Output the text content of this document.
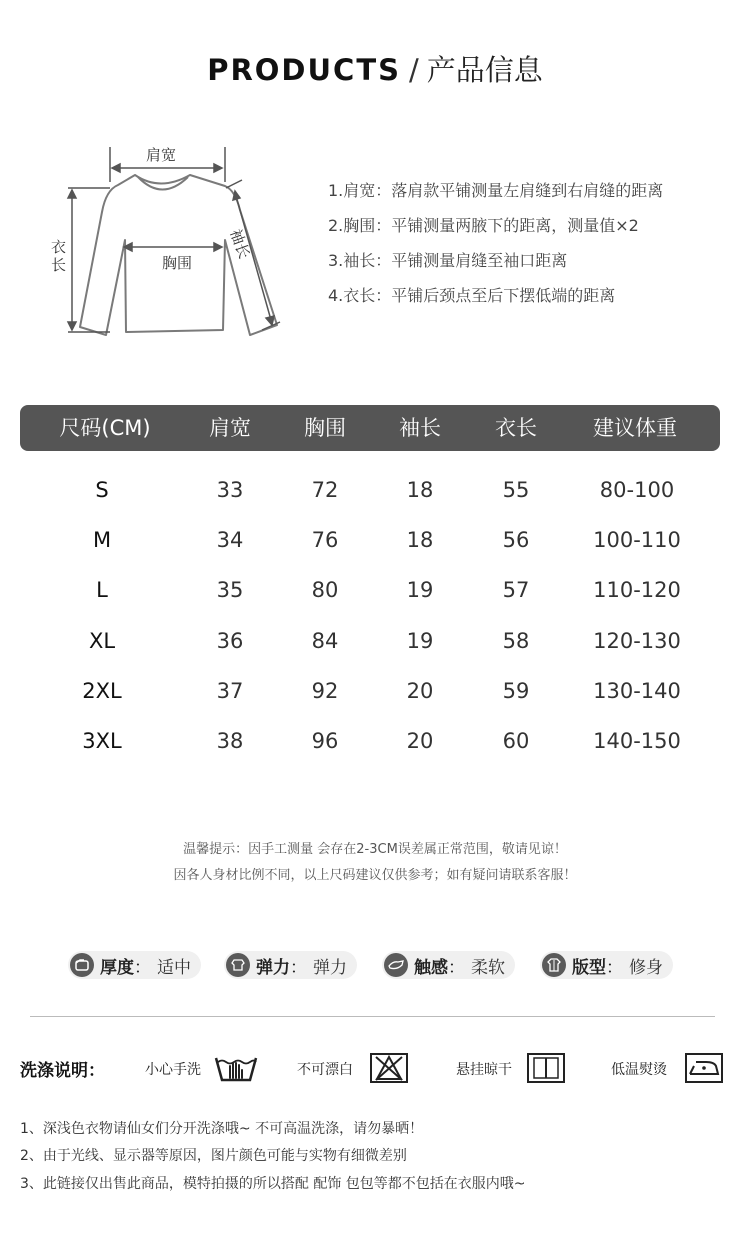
PRODUCTS / 产品信息
肩宽
胸围
袖长
衣长
1.肩宽：落肩款平铺测量左肩缝到右肩缝的距离
2.胸围：平铺测量两腋下的距离，测量值×2
3.袖长：平铺测量肩缝至袖口距离
4.衣长：平铺后颈点至后下摆低端的距离
尺码(CM)	肩宽	胸围	袖长	衣长	建议体重
S	33	72	18	55	80-100
M	34	76	18	56	100-110
L	35	80	19	57	110-120
XL	36	84	19	58	120-130
2XL	37	92	20	59	130-140
3XL	38	96	20	60	140-150
温馨提示：因手工测量 会存在2-3CM误差属正常范围，敬请见谅！
因各人身材比例不同，以上尺码建议仅供参考；如有疑问请联系客服！
厚度 ： 适中	弹力 ： 弹力	触感 ： 柔软	版型 ： 修身
洗涤说明：	小心手洗	不可漂白	悬挂晾干	低温熨烫
1、深浅色衣物请仙女们分开洗涤哦~ 不可高温洗涤，请勿暴晒！
2、由于光线、显示器等原因，图片颜色可能与实物有细微差别
3、此链接仅出售此商品，模特拍摄的所以搭配 配饰 包包等都不包括在衣服内哦~
